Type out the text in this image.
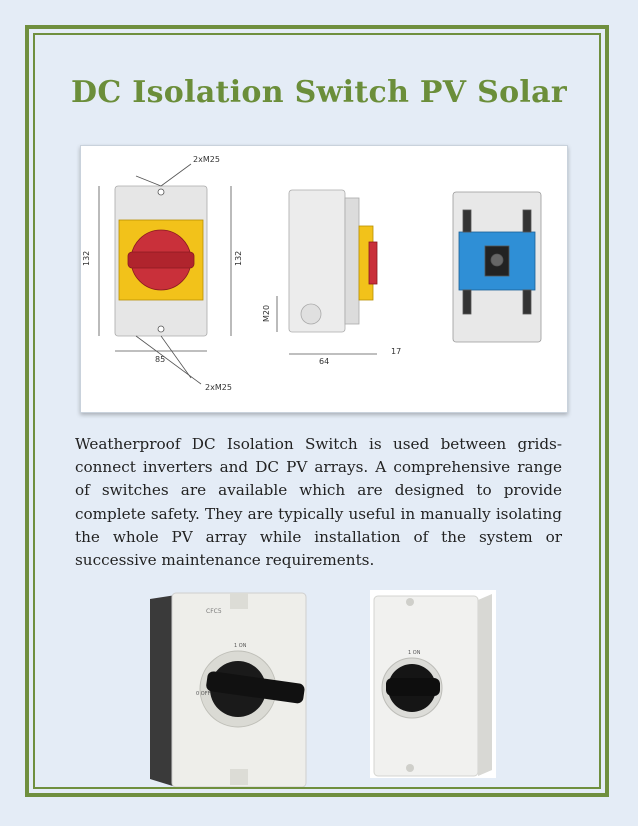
DC Isolation Switch PV Solar
2xM25
2xM25
132	132
85
M20
64
17

Weatherproof DC Isolation Switch is used between grids-connect inverters and DC PV arrays. A comprehensive range of switches are available which are designed to provide complete safety. They are typically useful in manually isolating the whole PV array while installation of the system or successive maintenance requirements.

CFC5
1 ON
0 OFF
1 ON
